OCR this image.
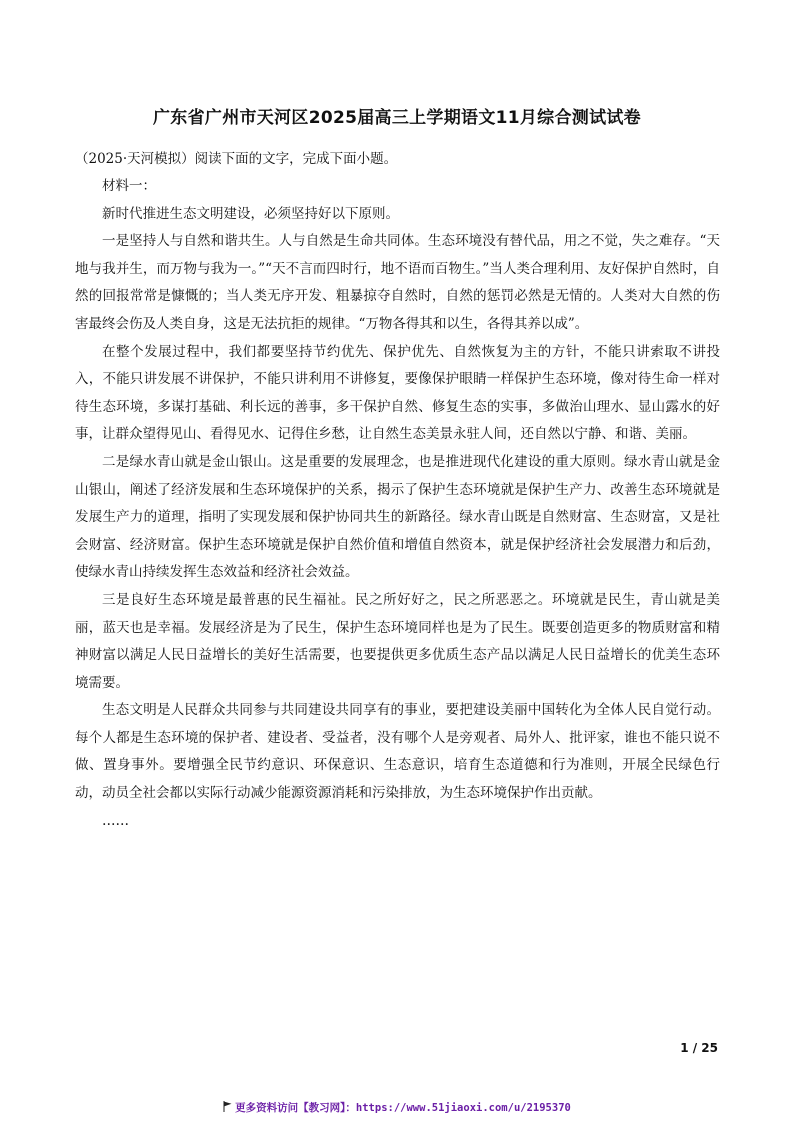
广东省广州市天河区2025届高三上学期语文11月综合测试试卷
（2025·天河模拟）阅读下面的文字，完成下面小题。

材料一：

新时代推进生态文明建设，必须坚持好以下原则。

一是坚持人与自然和谐共生。人与自然是生命共同体。生态环境没有替代品，用之不觉，失之难存。“天地与我并生，而万物与我为一。”“天不言而四时行，地不语而百物生。”当人类合理利用、友好保护自然时，自然的回报常常是慷慨的；当人类无序开发、粗暴掠夺自然时，自然的惩罚必然是无情的。人类对大自然的伤害最终会伤及人类自身，这是无法抗拒的规律。“万物各得其和以生，各得其养以成”。

在整个发展过程中，我们都要坚持节约优先、保护优先、自然恢复为主的方针，不能只讲索取不讲投入，不能只讲发展不讲保护，不能只讲利用不讲修复，要像保护眼睛一样保护生态环境，像对待生命一样对待生态环境，多谋打基础、利长远的善事，多干保护自然、修复生态的实事，多做治山理水、显山露水的好事，让群众望得见山、看得见水、记得住乡愁，让自然生态美景永驻人间，还自然以宁静、和谐、美丽。

二是绿水青山就是金山银山。这是重要的发展理念，也是推进现代化建设的重大原则。绿水青山就是金山银山，阐述了经济发展和生态环境保护的关系，揭示了保护生态环境就是保护生产力、改善生态环境就是发展生产力的道理，指明了实现发展和保护协同共生的新路径。绿水青山既是自然财富、生态财富，又是社会财富、经济财富。保护生态环境就是保护自然价值和增值自然资本，就是保护经济社会发展潜力和后劲，使绿水青山持续发挥生态效益和经济社会效益。

三是良好生态环境是最普惠的民生福祉。民之所好好之，民之所恶恶之。环境就是民生，青山就是美丽，蓝天也是幸福。发展经济是为了民生，保护生态环境同样也是为了民生。既要创造更多的物质财富和精神财富以满足人民日益增长的美好生活需要，也要提供更多优质生态产品以满足人民日益增长的优美生态环境需要。

生态文明是人民群众共同参与共同建设共同享有的事业，要把建设美丽中国转化为全体人民自觉行动。每个人都是生态环境的保护者、建设者、受益者，没有哪个人是旁观者、局外人、批评家，谁也不能只说不做、置身事外。要增强全民节约意识、环保意识、生态意识，培育生态道德和行为准则，开展全民绿色行动，动员全社会都以实际行动减少能源资源消耗和污染排放，为生态环境保护作出贡献。

……

1 / 25
更多资料访问【教习网】：https://www.51jiaoxi.com/u/2195370
